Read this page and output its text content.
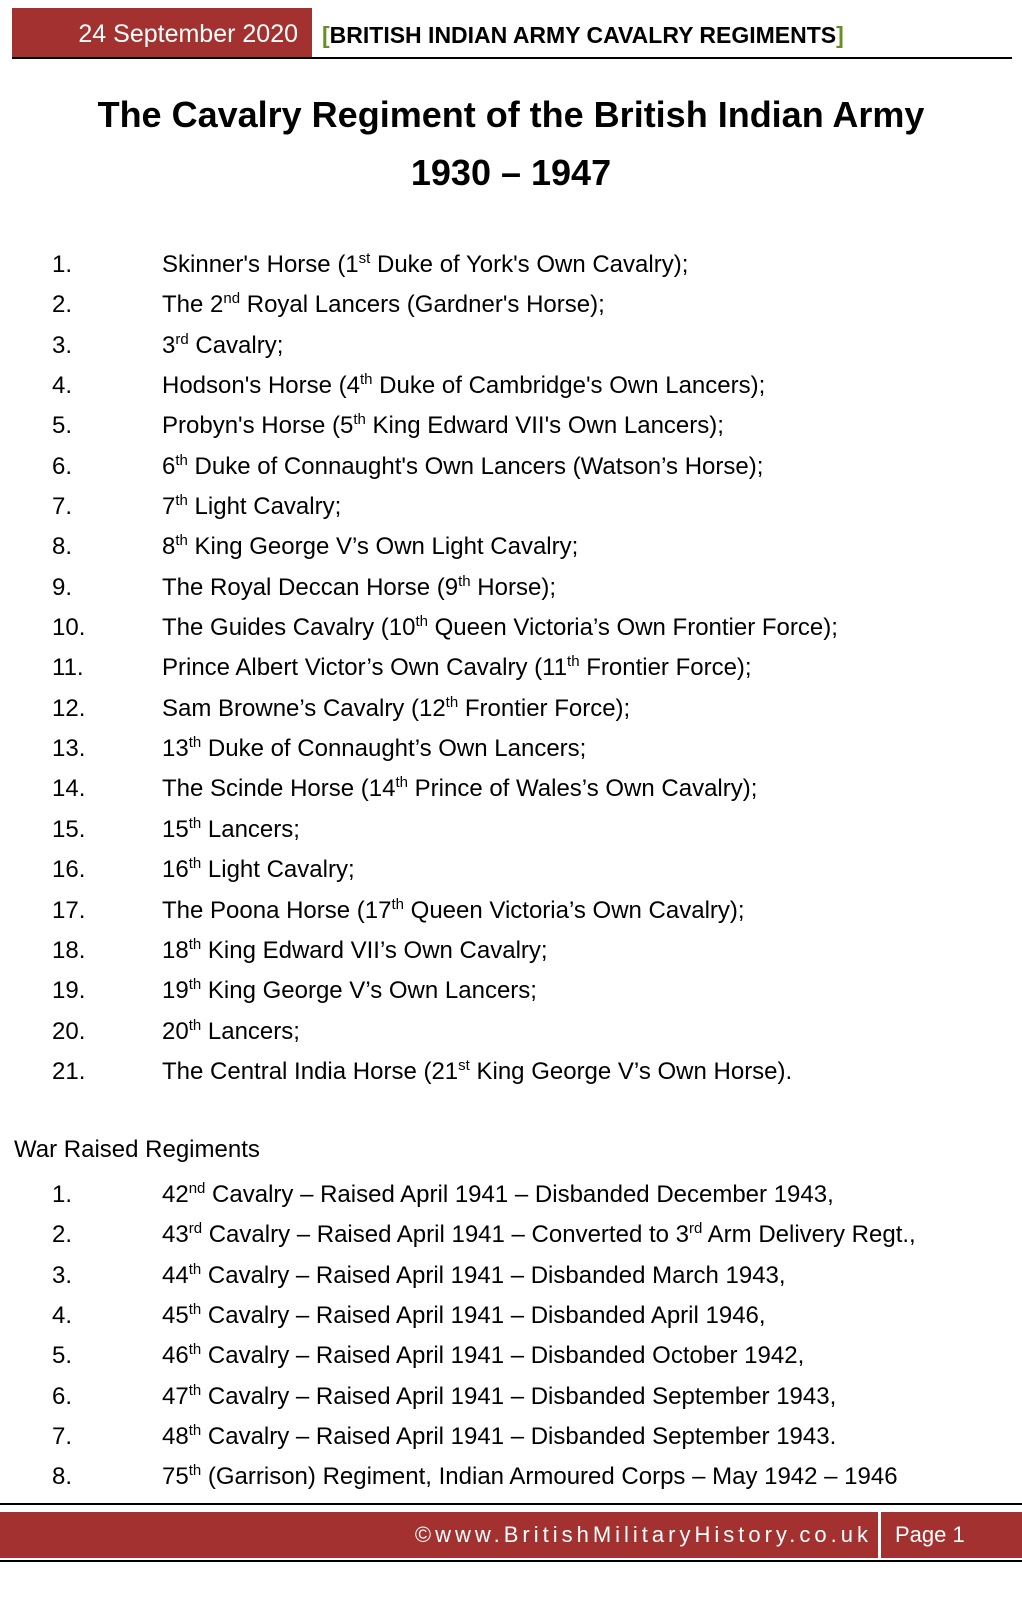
24 September 2020	[BRITISH INDIAN ARMY CAVALRY REGIMENTS]
The Cavalry Regiment of the British Indian Army
1930 – 1947
1.	Skinner's Horse (1st Duke of York's Own Cavalry);
2.	The 2nd Royal Lancers (Gardner's Horse);
3.	3rd Cavalry;
4.	Hodson's Horse (4th Duke of Cambridge's Own Lancers);
5.	Probyn's Horse (5th King Edward VII's Own Lancers);
6.	6th Duke of Connaught's Own Lancers (Watson’s Horse);
7.	7th Light Cavalry;
8.	8th King George V’s Own Light Cavalry;
9.	The Royal Deccan Horse (9th Horse);
10.	The Guides Cavalry (10th Queen Victoria’s Own Frontier Force);
11.	Prince Albert Victor’s Own Cavalry (11th Frontier Force);
12.	Sam Browne’s Cavalry (12th Frontier Force);
13.	13th Duke of Connaught’s Own Lancers;
14.	The Scinde Horse (14th Prince of Wales’s Own Cavalry);
15.	15th Lancers;
16.	16th Light Cavalry;
17.	The Poona Horse (17th Queen Victoria’s Own Cavalry);
18.	18th King Edward VII’s Own Cavalry;
19.	19th King George V’s Own Lancers;
20.	20th Lancers;
21.	The Central India Horse (21st King George V’s Own Horse).
War Raised Regiments
1.	42nd Cavalry – Raised April 1941 – Disbanded December 1943,
2.	43rd Cavalry – Raised April 1941 – Converted to 3rd Arm Delivery Regt.,
3.	44th Cavalry – Raised April 1941 – Disbanded March 1943,
4.	45th Cavalry – Raised April 1941 – Disbanded April 1946,
5.	46th Cavalry – Raised April 1941 – Disbanded October 1942,
6.	47th Cavalry – Raised April 1941 – Disbanded September 1943,
7.	48th Cavalry – Raised April 1941 – Disbanded September 1943.
8.	75th (Garrison) Regiment, Indian Armoured Corps – May 1942 – 1946
©www.BritishMilitaryHistory.co.uk Page 1
